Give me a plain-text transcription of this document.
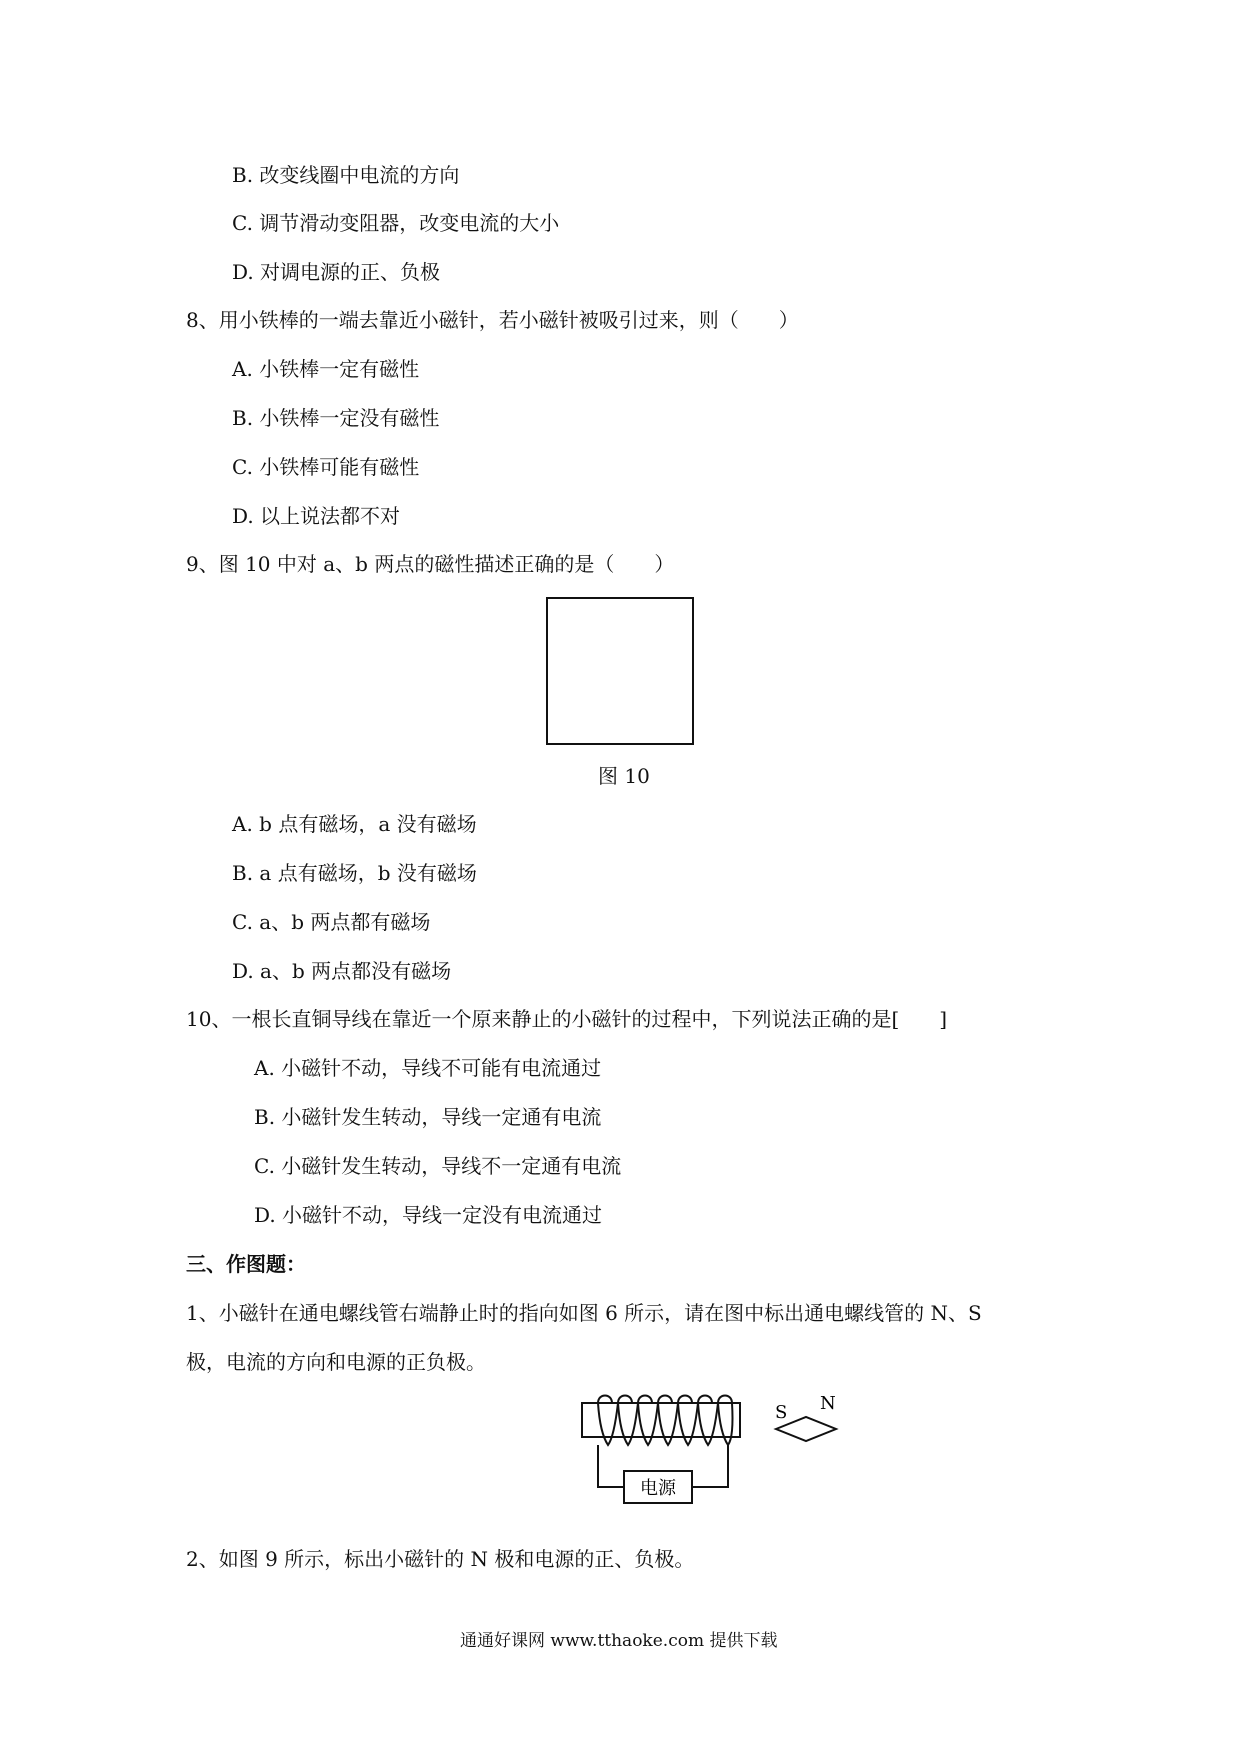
B. 改变线圈中电流的方向
C. 调节滑动变阻器，改变电流的大小
D. 对调电源的正、负极
8、用小铁棒的一端去靠近小磁针，若小磁针被吸引过来，则（　　）
A. 小铁棒一定有磁性
B. 小铁棒一定没有磁性
C. 小铁棒可能有磁性
D. 以上说法都不对
9、图 10 中对 a、b 两点的磁性描述正确的是（　　）
图 10
A. b 点有磁场，a 没有磁场
B. a 点有磁场，b 没有磁场
C. a、b 两点都有磁场
D. a、b 两点都没有磁场
10、一根长直铜导线在靠近一个原来静止的小磁针的过程中，下列说法正确的是[　　]
A. 小磁针不动，导线不可能有电流通过
B. 小磁针发生转动，导线一定通有电流
C. 小磁针发生转动，导线不一定通有电流
D. 小磁针不动，导线一定没有电流通过
三、作图题：
1、小磁针在通电螺线管右端静止时的指向如图 6 所示，请在图中标出通电螺线管的 N、S
极，电流的方向和电源的正负极。
电源
S N
2、如图 9 所示，标出小磁针的 N 极和电源的正、负极。
通通好课网 www.tthaoke.com 提供下载
